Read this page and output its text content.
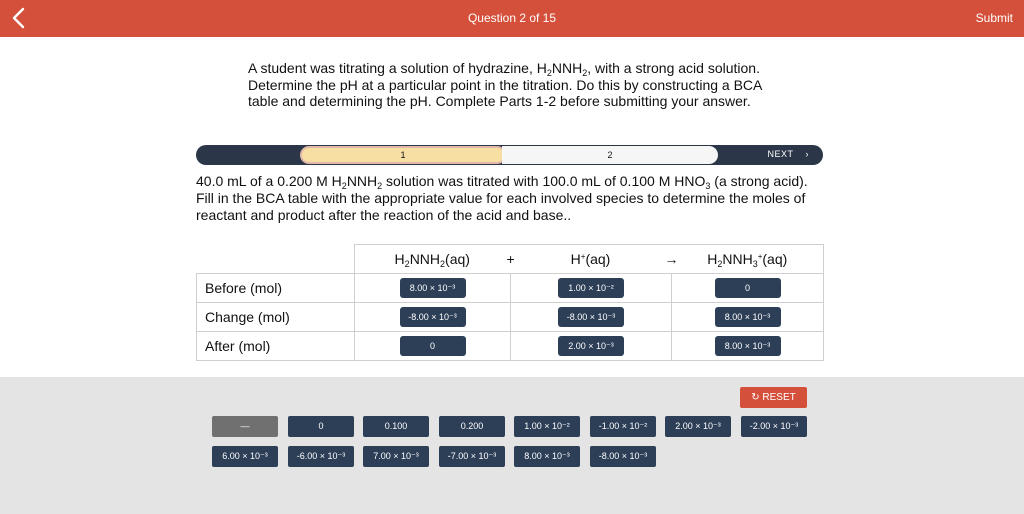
Question 2 of 15	Submit
A student was titrating a solution of hydrazine, $H_2NNH_2$, with a strong acid solution. Determine the pH at a particular point in the titration. Do this by constructing a BCA table and determining the pH. Complete Parts 1-2 before submitting your answer.
1	2	NEXT ›
40.0 mL of a 0.200 M $H_2NNH_2$ solution was titrated with 100.0 mL of 0.100 M $HNO_3$ (a strong acid). Fill in the BCA table with the appropriate value for each involved species to determine the moles of reactant and product after the reaction of the acid and base..
	$H_2NNH_2(aq)$	+	H+(aq)	→	$H_2NNH_3^+(aq)$
Before (mol)	8.00 × 10⁻³	1.00 × 10⁻²	0
Change (mol)	-8.00 × 10⁻³	-8.00 × 10⁻³	8.00 × 10⁻³
After (mol)	0	2.00 × 10⁻³	8.00 × 10⁻³
↻ RESET
—	0	0.100	0.200	1.00 × 10⁻²	-1.00 × 10⁻²	2.00 × 10⁻³	-2.00 × 10⁻³
6.00 × 10⁻³	-6.00 × 10⁻³	7.00 × 10⁻³	-7.00 × 10⁻³	8.00 × 10⁻³	-8.00 × 10⁻³
